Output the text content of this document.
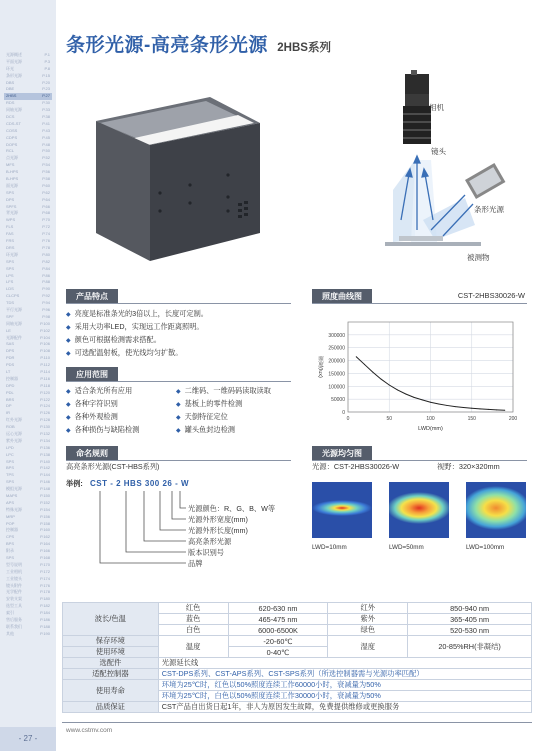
光源概述	P.1
平面光源	P.3
环光	P.8
条形光源	P.15
DBS	P.20
DBE	P.23
2HBS	P.27
RDS	P.30
同轴光源	P.33
DCS	P.38
CDS-ST	P.41
COSS	P.43
CDPS	P.45
DOPS	P.48
RCL	P.50
点光源	P.52
MFS	P.54
B-HPS	P.56
B-HPS	P.58
面光源	P.60
SPS	P.62
DPS	P.64
SPFS	P.66
背光源	P.68
WPS	P.70
FLS	P.72
FAS	P.74
FRS	P.76
DRS	P.78
环光源	P.80
SPS	P.82
SPS	P.84
LPS	P.86
LFS	P.88
LDS	P.90
CLCPS	P.92
TDS	P.94
平行光源	P.96
SPF	P.98
同轴光源	P.100
LE	P.102
光源配件	P.104
SAS	P.106
DPS	P.108
PDR	P.110
PDS	P.112
LT	P.114
控制器	P.116
DPD	P.118
PDL	P.120
BRS	P.122
DP	P.124
IR	P.126
红外光源	P.128
ROB	P.130
远心光源	P.132
紫外光源	P.134
LPD	P.136
LPC	P.138
SPS	P.140
BPS	P.142
TPS	P.144
SPS	P.146
模组光源	P.148
MAPS	P.150
APS	P.152
特殊光源	P.154
MRP	P.156
POP	P.158
控制器	P.160
CPS	P.162
BPS	P.164
附录	P.166
SPS	P.168
型号说明	P.170
工业相机	P.172
工业镜头	P.174
镜头附件	P.176
光学配件	P.178
安装支架	P.180
选型工具	P.182
索引	P.184
售后服务	P.186
联系我们	P.188
其他	P.190
- 27 -
条形光源-高亮条形光源 2HBS系列
相机
镜头
条形光源
被测物
产品特点
◆ 亮度是标准条光的3倍以上，长度可定制。
◆ 采用大功率LED，实现远工作距离照明。
◆ 颜色可根据检测需求搭配。
◆ 可选配温射板，使光线均匀扩散。
应用范围
◆ 适合条光所有应用
◆ 各种字符识别
◆ 各种外观检测
◆ 各种损伤与缺陷检测
◆ 二维码、一维码码读取读取
◆ 基板上的零件检测
◆ 天倒特征定位
◆ 罐头鱼封边检测
照度曲线图	CST-2HBS30026-W
0
50000
100000
150000
200000
250000
300000
0	50	100	150	200
照度(lux)
LWD(mm)
命名规则
高亮条形光源(CST-HBS系列)
举例: CST - 2 HBS 300 26 - W
光源颜色：R、G、B、W等
光源外形宽度(mm)
光源外形长度(mm)
高亮条形光源
版本识别号
品牌
光源均匀图
光源：CST-2HBS30026-W	视野：320×320mm
LWD=10mm	LWD=50mm	LWD=100mm
波长/色温	红色	620-630 nm	红外	850-940 nm
	蓝色	465-475 nm	紫外	365-405 nm
	白色	6000-6500K	绿色	520-530 nm
保存环境	温度	-20-60℃	湿度	20-85%RH(非凝结)
使用环境		0-40℃		
选配件	光源延长线			
适配控制器	CST-DPS系列、CST-APS系列、CST-SPS系列（所选控制器需与光源功率匹配）			
使用寿命	环境为25℃时，红色以50%照度连续工作60000小时，衰减量为50%			
	环境为25℃时，白色以50%照度连续工作30000小时，衰减量为50%			
品质保证	CST产品自出货日起1年，非人为原因发生故障，免费提供维修或更换服务			
www.cstmv.com
